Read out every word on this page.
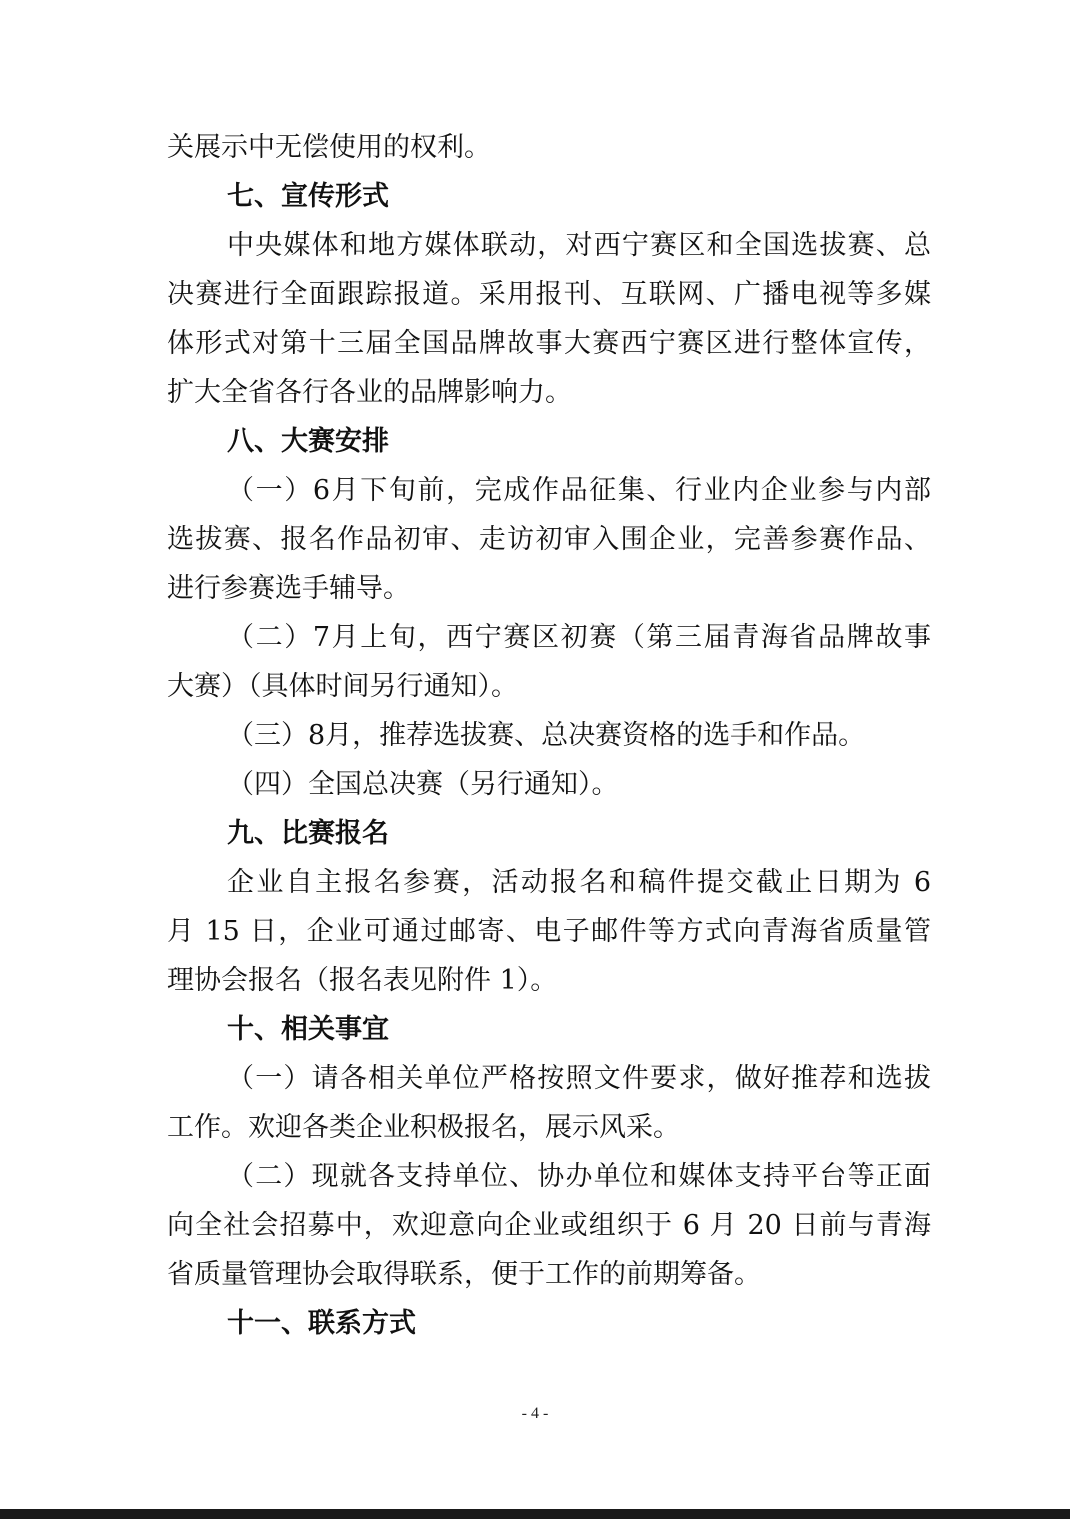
关展示中无偿使用的权利。
七、宣传形式
中央媒体和地方媒体联动，对西宁赛区和全国选拔赛、总
决赛进行全面跟踪报道。采用报刊、互联网、广播电视等多媒
体形式对第十三届全国品牌故事大赛西宁赛区进行整体宣传，
扩大全省各行各业的品牌影响力。
八、大赛安排
（一）6月下旬前，完成作品征集、行业内企业参与内部
选拔赛、报名作品初审、走访初审入围企业，完善参赛作品、
进行参赛选手辅导。
（二）7月上旬，西宁赛区初赛（第三届青海省品牌故事
大赛）（具体时间另行通知）。
（三）8月，推荐选拔赛、总决赛资格的选手和作品。
（四）全国总决赛（另行通知）。
九、比赛报名
企业自主报名参赛，活动报名和稿件提交截止日期为 6
月 15 日，企业可通过邮寄、电子邮件等方式向青海省质量管
理协会报名（报名表见附件 1）。
十、相关事宜
（一）请各相关单位严格按照文件要求，做好推荐和选拔
工作。欢迎各类企业积极报名，展示风采。
（二）现就各支持单位、协办单位和媒体支持平台等正面
向全社会招募中，欢迎意向企业或组织于 6 月 20 日前与青海
省质量管理协会取得联系，便于工作的前期筹备。
十一、联系方式
- 4 -
